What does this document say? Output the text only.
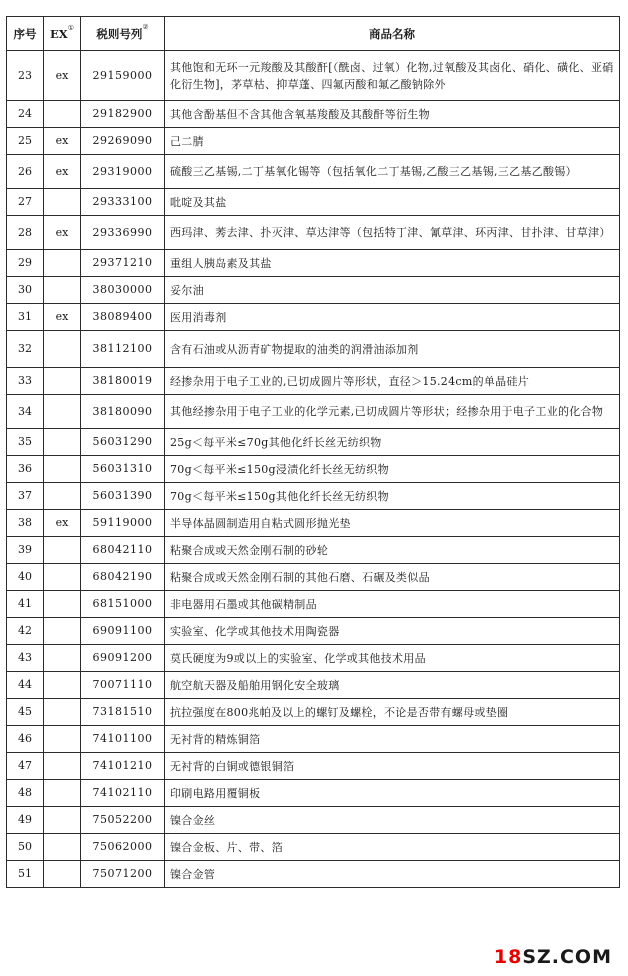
序号	EX①	税则号列②	商品名称
23	ex	29159000	其他饱和无环一元羧酸及其酸酐[（酰卤、过氧）化物,过氧酸及其卤化、硝化、磺化、亚硝化衍生物]，茅草枯、抑草蓬、四氟丙酸和氟乙酸钠除外
24		29182900	其他含酚基但不含其他含氧基羧酸及其酸酐等衍生物
25	ex	29269090	己二腈
26	ex	29319000	硫酸三乙基锡,二丁基氧化锡等（包括氧化二丁基锡,乙酸三乙基锡,三乙基乙酸锡）
27		29333100	吡啶及其盐
28	ex	29336990	西玛津、莠去津、扑灭津、草达津等（包括特丁津、氰草津、环丙津、甘扑津、甘草津）
29		29371210	重组人胰岛素及其盐
30		38030000	妥尔油
31	ex	38089400	医用消毒剂
32		38112100	含有石油或从沥青矿物提取的油类的润滑油添加剂
33		38180019	经掺杂用于电子工业的,已切成圆片等形状，直径＞15.24cm的单晶硅片
34		38180090	其他经掺杂用于电子工业的化学元素,已切成圆片等形状；经掺杂用于电子工业的化合物
35		56031290	25g＜每平米≤70g其他化纤长丝无纺织物
36		56031310	70g＜每平米≤150g浸渍化纤长丝无纺织物
37		56031390	70g＜每平米≤150g其他化纤长丝无纺织物
38	ex	59119000	半导体晶圆制造用自粘式圆形抛光垫
39		68042110	粘聚合成或天然金刚石制的砂轮
40		68042190	粘聚合成或天然金刚石制的其他石磨、石碾及类似品
41		68151000	非电器用石墨或其他碳精制品
42		69091100	实验室、化学或其他技术用陶瓷器
43		69091200	莫氏硬度为9或以上的实验室、化学或其他技术用品
44		70071110	航空航天器及船舶用钢化安全玻璃
45		73181510	抗拉强度在800兆帕及以上的螺钉及螺栓，不论是否带有螺母或垫圈
46		74101100	无衬背的精炼铜箔
47		74101210	无衬背的白铜或德银铜箔
48		74102110	印刷电路用覆铜板
49		75052200	镍合金丝
50		75062000	镍合金板、片、带、箔
51		75071200	镍合金管
18SZ.COM
